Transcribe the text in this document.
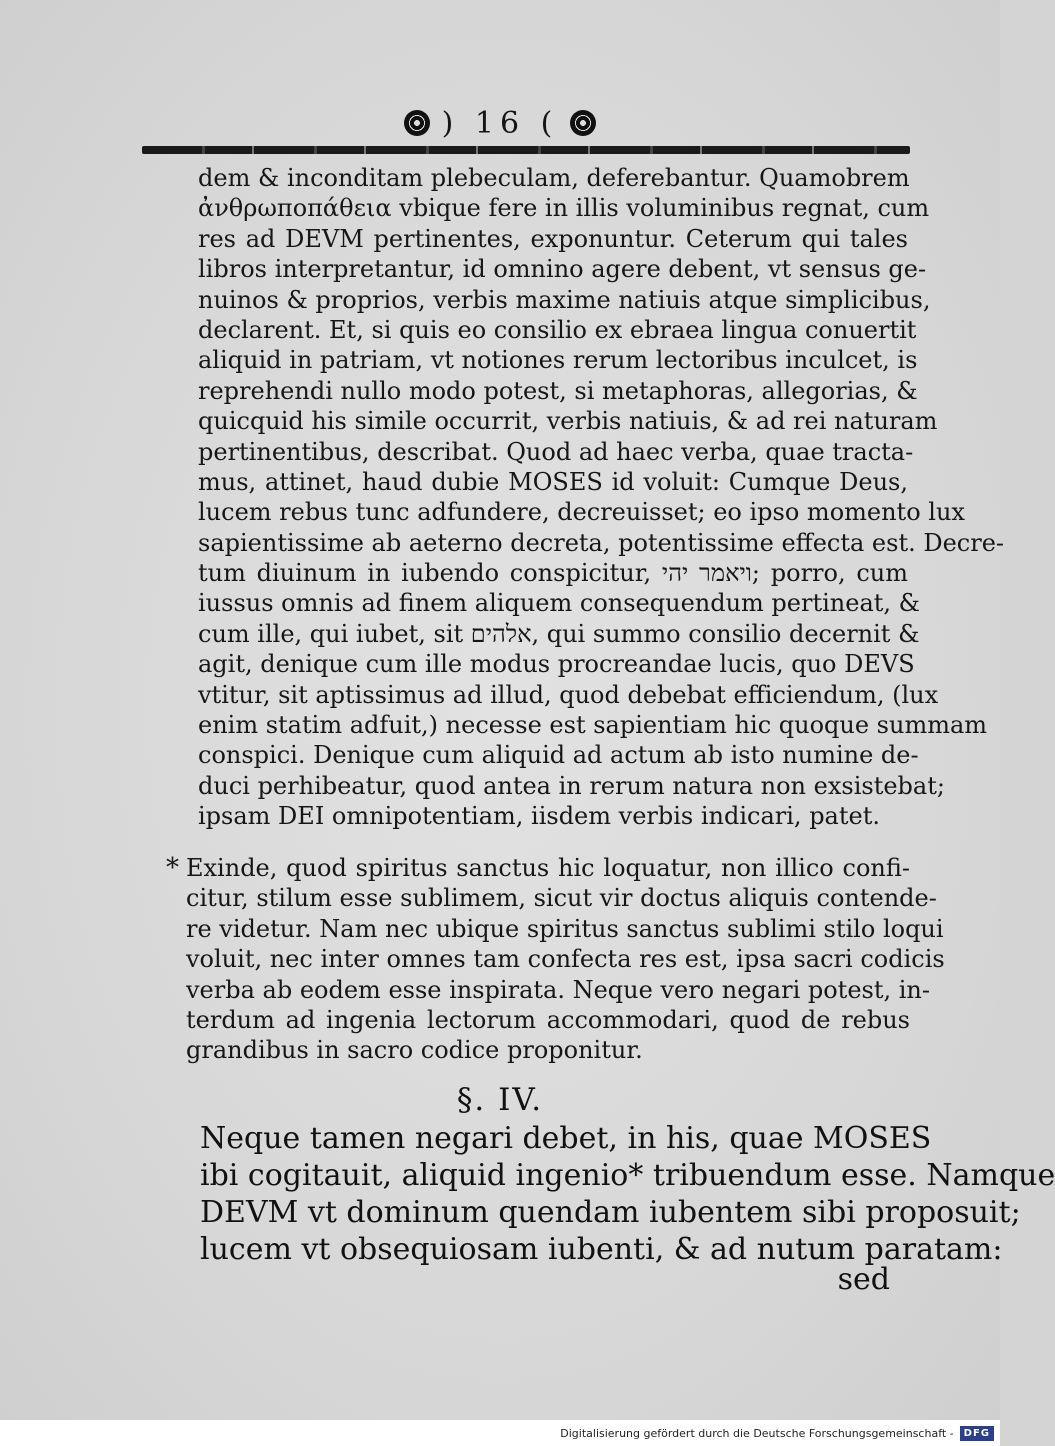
) 16 (
dem & inconditam plebeculam, deferebantur. Quamobrem
ἀνθρωποπάθεια vbique fere in illis voluminibus regnat, cum
res ad DEVM pertinentes, exponuntur. Ceterum qui tales
libros interpretantur, id omnino agere debent, vt sensus ge-
nuinos & proprios, verbis maxime natiuis atque simplicibus,
declarent. Et, si quis eo consilio ex ebraea lingua conuertit
aliquid in patriam, vt notiones rerum lectoribus inculcet, is
reprehendi nullo modo potest, si metaphoras, allegorias, &
quicquid his simile occurrit, verbis natiuis, & ad rei naturam
pertinentibus, describat. Quod ad haec verba, quae tracta-
mus, attinet, haud dubie MOSES id voluit: Cumque Deus,
lucem rebus tunc adfundere, decreuisset; eo ipso momento lux
sapientissime ab aeterno decreta, potentissime effecta est. Decre-
tum diuinum in iubendo conspicitur, ויאמר יהי; porro, cum
iussus omnis ad finem aliquem consequendum pertineat, &
cum ille, qui iubet, sit אלהים, qui summo consilio decernit &
agit, denique cum ille modus procreandae lucis, quo DEVS
vtitur, sit aptissimus ad illud, quod debebat efficiendum, (lux
enim statim adfuit,) necesse est sapientiam hic quoque summam
conspici. Denique cum aliquid ad actum ab isto numine de-
duci perhibeatur, quod antea in rerum natura non exsistebat;
ipsam DEI omnipotentiam, iisdem verbis indicari, patet.
* Exinde, quod spiritus sanctus hic loquatur, non illico confi-
citur, stilum esse sublimem, sicut vir doctus aliquis contende-
re videtur. Nam nec ubique spiritus sanctus sublimi stilo loqui
voluit, nec inter omnes tam confecta res est, ipsa sacri codicis
verba ab eodem esse inspirata. Neque vero negari potest, in-
terdum ad ingenia lectorum accommodari, quod de rebus
grandibus in sacro codice proponitur.
§. IV.
Neque tamen negari debet, in his, quae MOSES
ibi cogitauit, aliquid ingenio* tribuendum esse. Namque
DEVM vt dominum quendam iubentem sibi proposuit;
lucem vt obsequiosam iubenti, & ad nutum paratam:
sed
Digitalisierung gefördert durch die Deutsche Forschungsgemeinschaft -	DFG
